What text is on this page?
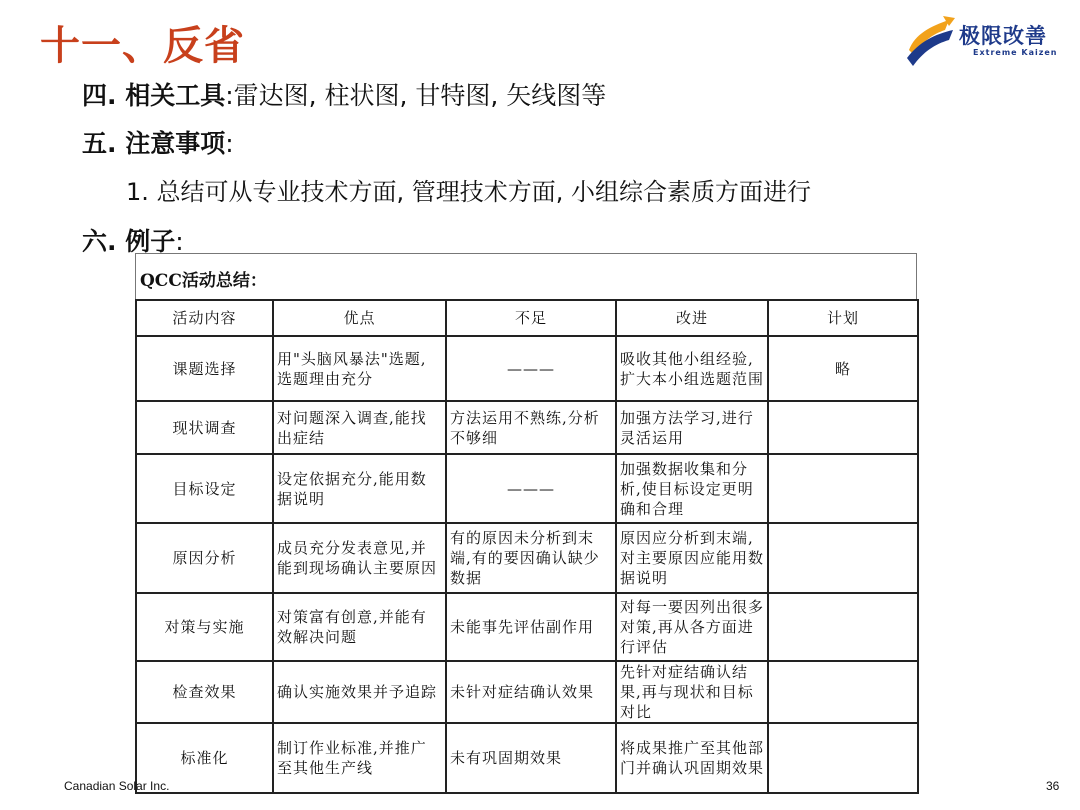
十一、反省	极限改善
Extreme Kaizen
四. 相关工具:雷达图, 柱状图, 甘特图, 矢线图等
五. 注意事项:
1. 总结可从专业技术方面, 管理技术方面, 小组综合素质方面进行
六. 例子:
QCC活动总结：
活动内容	优点	不足	改进	计划
课题选择	用"头脑风暴法"选题,选题理由充分	———	吸收其他小组经验,扩大本小组选题范围	略
现状调查	对问题深入调查,能找出症结	方法运用不熟练,分析不够细	加强方法学习,进行灵活运用	
目标设定	设定依据充分,能用数据说明	———	加强数据收集和分析,使目标设定更明确和合理	
原因分析	成员充分发表意见,并能到现场确认主要原因	有的原因未分析到末端,有的要因确认缺少数据	原因应分析到末端,对主要原因应能用数据说明	
对策与实施	对策富有创意,并能有效解决问题	未能事先评估副作用	对每一要因列出很多对策,再从各方面进行评估	
检查效果	确认实施效果并予追踪	未针对症结确认效果	先针对症结确认结果,再与现状和目标对比	
标准化	制订作业标准,并推广至其他生产线	未有巩固期效果	将成果推广至其他部门并确认巩固期效果	
Canadian Solar Inc.	36
